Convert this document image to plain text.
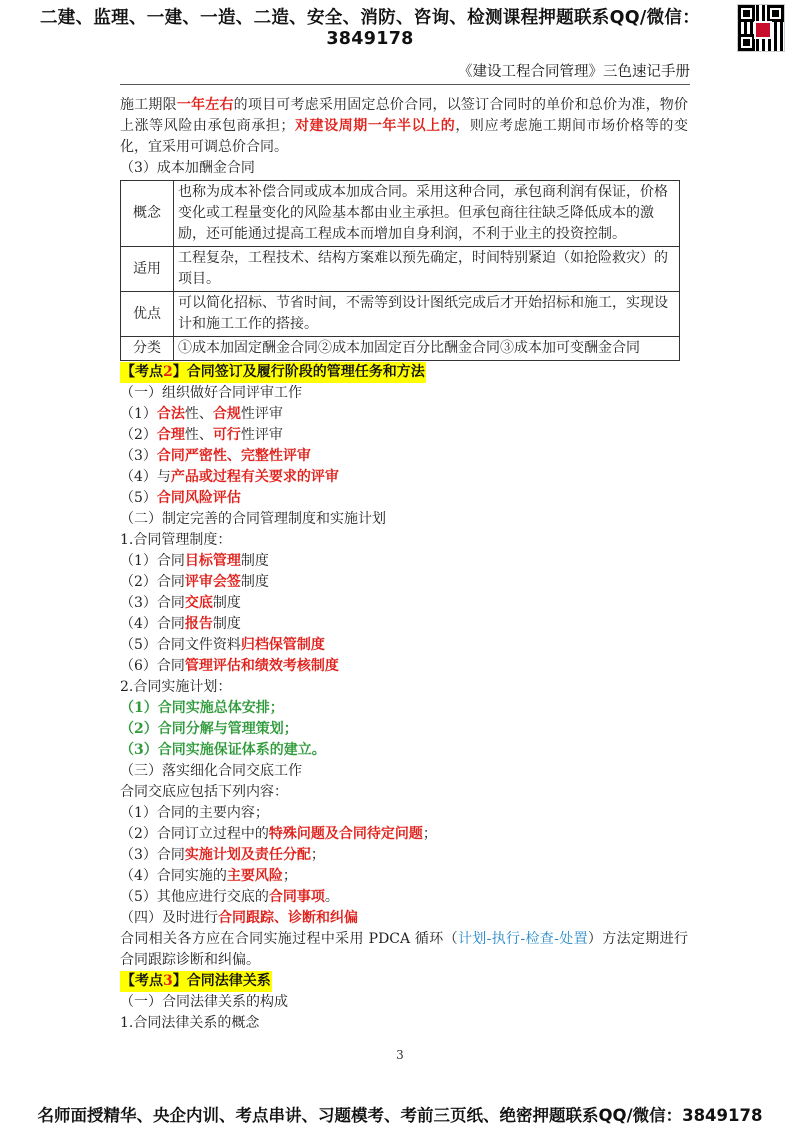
二建、监理、一建、一造、二造、安全、消防、咨询、检测课程押题联系QQ/微信：3849178
《建设工程合同管理》三色速记手册
施工期限一年左右的项目可考虑采用固定总价合同，以签订合同时的单价和总价为准，物价上涨等风险由承包商承担；对建设周期一年半以上的，则应考虑施工期间市场价格等的变化，宜采用可调总价合同。
（3）成本加酬金合同
概念	也称为成本补偿合同或成本加成合同。采用这种合同，承包商利润有保证，价格变化或工程量变化的风险基本都由业主承担。但承包商往往缺乏降低成本的激励，还可能通过提高工程成本而增加自身利润，不利于业主的投资控制。
适用	工程复杂，工程技术、结构方案难以预先确定，时间特别紧迫（如抢险救灾）的项目。
优点	可以简化招标、节省时间，不需等到设计图纸完成后才开始招标和施工，实现设计和施工工作的搭接。
分类	①成本加固定酬金合同②成本加固定百分比酬金合同③成本加可变酬金合同
【考点2】合同签订及履行阶段的管理任务和方法
（一）组织做好合同评审工作
（1）合法性、合规性评审
（2）合理性、可行性评审
（3）合同严密性、完整性评审
（4）与产品或过程有关要求的评审
（5）合同风险评估
（二）制定完善的合同管理制度和实施计划
1.合同管理制度：
（1）合同目标管理制度
（2）合同评审会签制度
（3）合同交底制度
（4）合同报告制度
（5）合同文件资料归档保管制度
（6）合同管理评估和绩效考核制度
2.合同实施计划：
（1）合同实施总体安排；
（2）合同分解与管理策划；
（3）合同实施保证体系的建立。
（三）落实细化合同交底工作
合同交底应包括下列内容：
（1）合同的主要内容；
（2）合同订立过程中的特殊问题及合同待定问题；
（3）合同实施计划及责任分配；
（4）合同实施的主要风险；
（5）其他应进行交底的合同事项。
（四）及时进行合同跟踪、诊断和纠偏
合同相关各方应在合同实施过程中采用 PDCA 循环（计划-执行-检查-处置）方法定期进行合同跟踪诊断和纠偏。
【考点3】合同法律关系
（一）合同法律关系的构成
1.合同法律关系的概念
3
名师面授精华、央企内训、考点串讲、习题模考、考前三页纸、绝密押题联系QQ/微信：3849178
